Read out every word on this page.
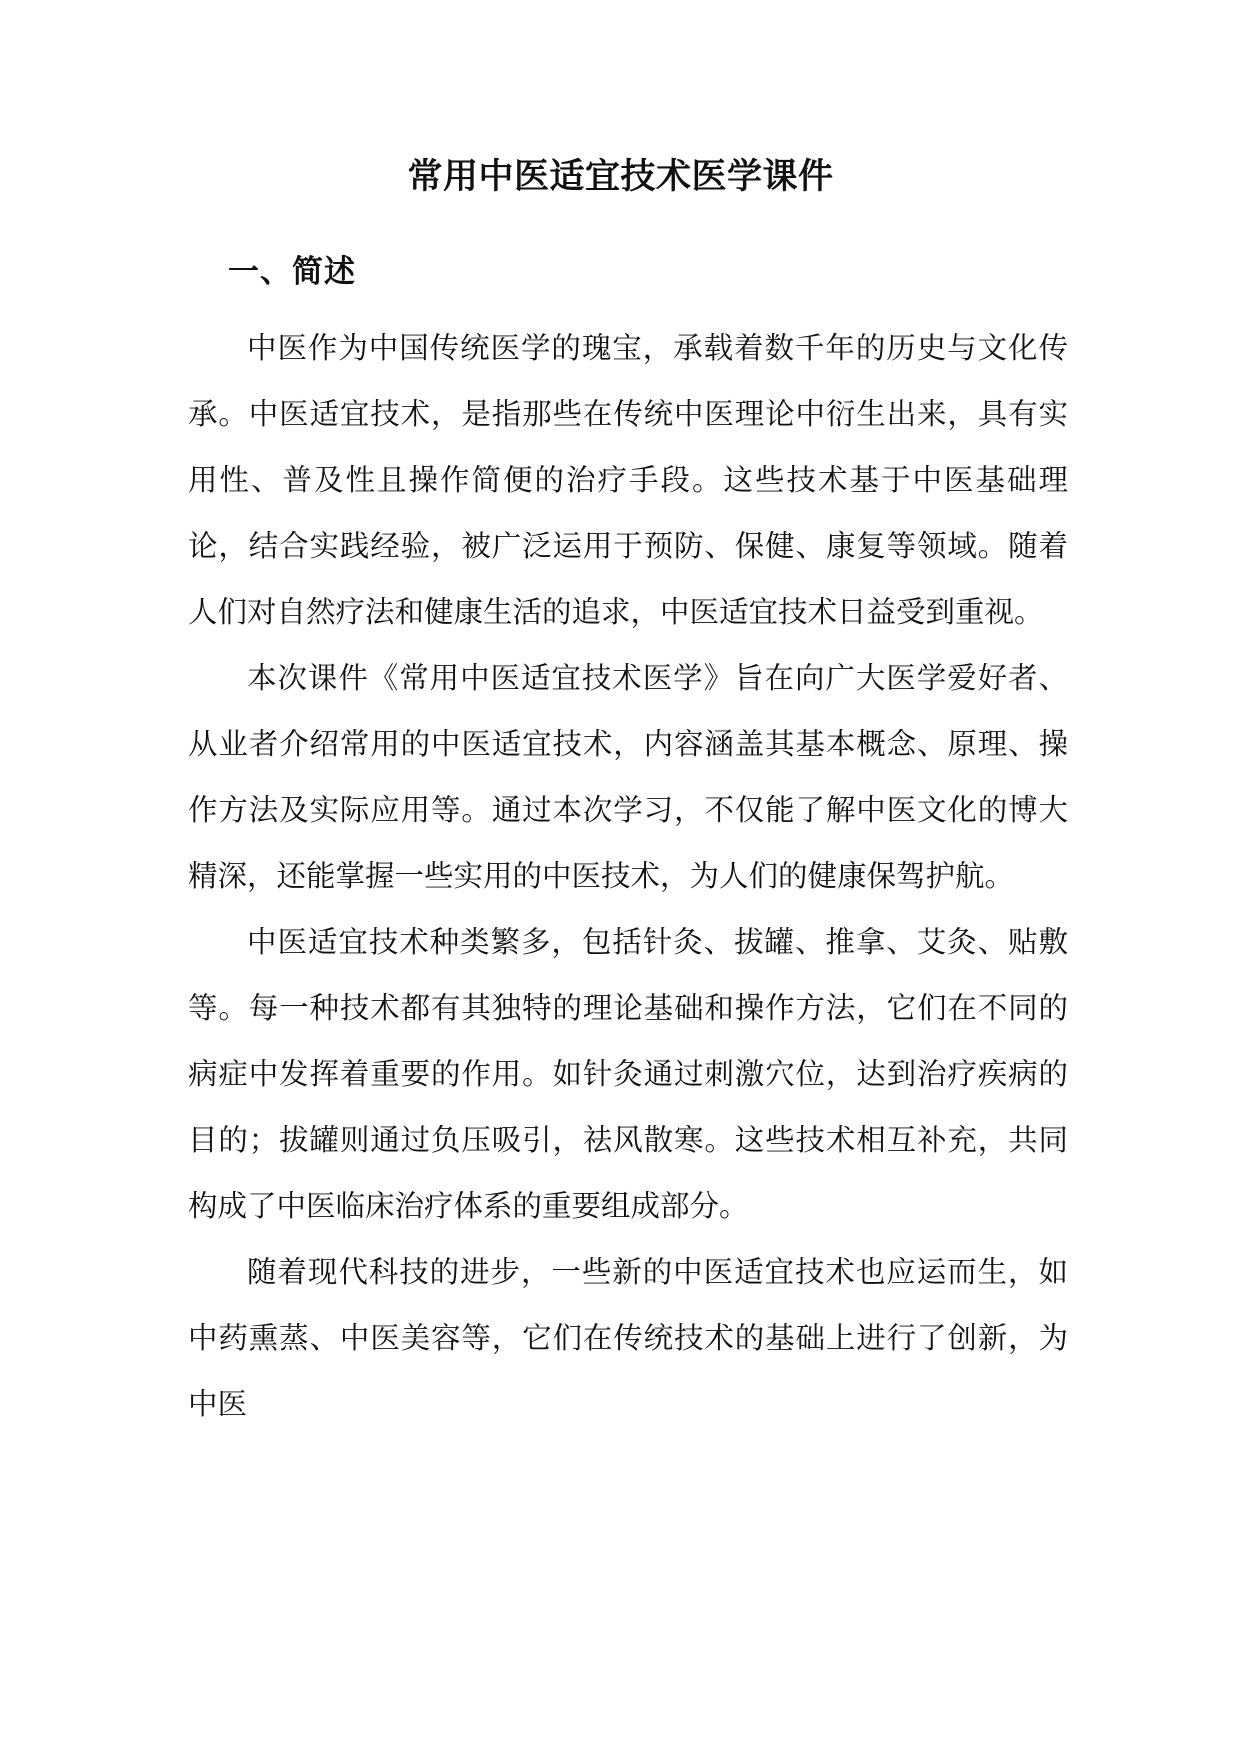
常用中医适宜技术医学课件
一、简述

中医作为中国传统医学的瑰宝，承载着数千年的历史与文化传承。中医适宜技术，是指那些在传统中医理论中衍生出来，具有实用性、普及性且操作简便的治疗手段。这些技术基于中医基础理论，结合实践经验，被广泛运用于预防、保健、康复等领域。随着人们对自然疗法和健康生活的追求，中医适宜技术日益受到重视。

本次课件《常用中医适宜技术医学》旨在向广大医学爱好者、从业者介绍常用的中医适宜技术，内容涵盖其基本概念、原理、操作方法及实际应用等。通过本次学习，不仅能了解中医文化的博大精深，还能掌握一些实用的中医技术，为人们的健康保驾护航。

中医适宜技术种类繁多，包括针灸、拔罐、推拿、艾灸、贴敷等。每一种技术都有其独特的理论基础和操作方法，它们在不同的病症中发挥着重要的作用。如针灸通过刺激穴位，达到治疗疾病的目的；拔罐则通过负压吸引，祛风散寒。这些技术相互补充，共同构成了中医临床治疗体系的重要组成部分。

随着现代科技的进步，一些新的中医适宜技术也应运而生，如中药熏蒸、中医美容等，它们在传统技术的基础上进行了创新，为中医
